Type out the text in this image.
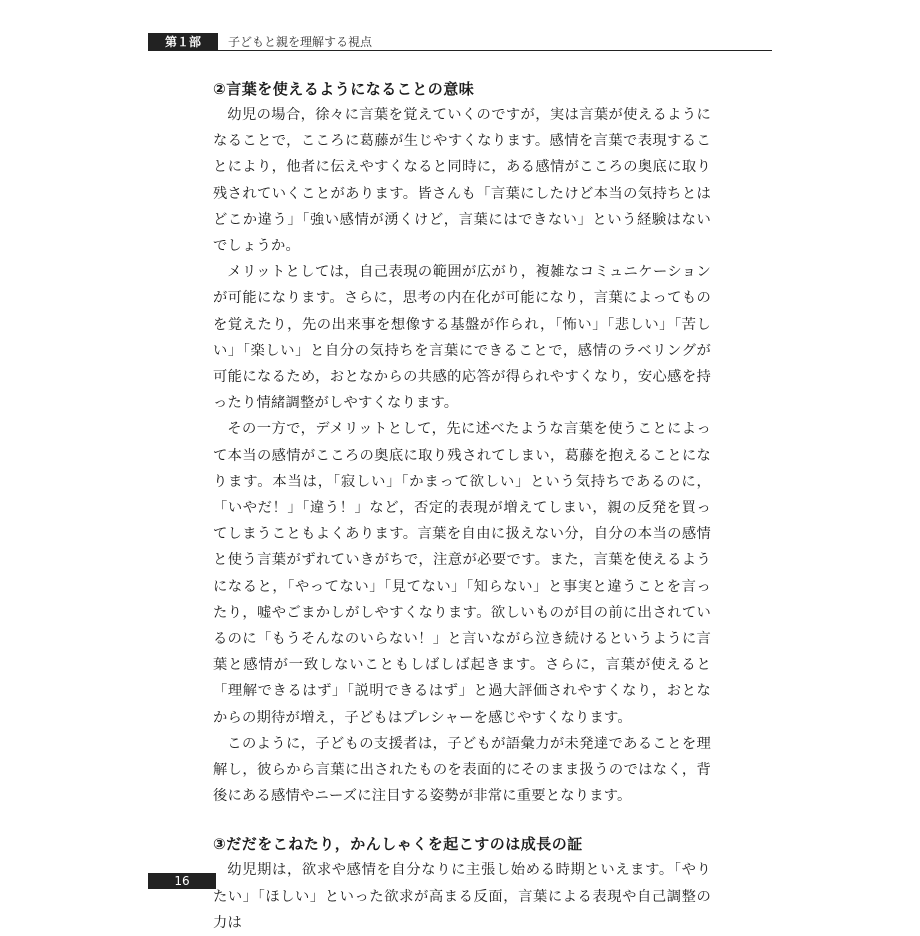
第１部	子どもと親を理解する視点
②言葉を使えるようになることの意味

幼児の場合，徐々に言葉を覚えていくのですが，実は言葉が使えるようになることで，こころに葛藤が生じやすくなります。感情を言葉で表現することにより，他者に伝えやすくなると同時に，ある感情がこころの奥底に取り残されていくことがあります。皆さんも「言葉にしたけど本当の気持ちとはどこか違う」「強い感情が湧くけど，言葉にはできない」という経験はないでしょうか。

メリットとしては，自己表現の範囲が広がり，複雑なコミュニケーションが可能になります。さらに，思考の内在化が可能になり，言葉によってものを覚えたり，先の出来事を想像する基盤が作られ，「怖い」「悲しい」「苦しい」「楽しい」と自分の気持ちを言葉にできることで，感情のラベリングが可能になるため，おとなからの共感的応答が得られやすくなり，安心感を持ったり情緒調整がしやすくなります。

その一方で，デメリットとして，先に述べたような言葉を使うことによって本当の感情がこころの奥底に取り残されてしまい，葛藤を抱えることになります。本当は，「寂しい」「かまって欲しい」という気持ちであるのに，「いやだ！」「違う！」など，否定的表現が増えてしまい，親の反発を買ってしまうこともよくあります。言葉を自由に扱えない分，自分の本当の感情と使う言葉がずれていきがちで，注意が必要です。また，言葉を使えるようになると，「やってない」「見てない」「知らない」と事実と違うことを言ったり，嘘やごまかしがしやすくなります。欲しいものが目の前に出されているのに「もうそんなのいらない！」と言いながら泣き続けるというように言葉と感情が一致しないこともしばしば起きます。さらに，言葉が使えると「理解できるはず」「説明できるはず」と過大評価されやすくなり，おとなからの期待が増え，子どもはプレシャーを感じやすくなります。

このように，子どもの支援者は，子どもが語彙力が未発達であることを理解し，彼らから言葉に出されたものを表面的にそのまま扱うのではなく，背後にある感情やニーズに注目する姿勢が非常に重要となります。

③だだをこねたり，かんしゃくを起こすのは成長の証

幼児期は，欲求や感情を自分なりに主張し始める時期といえます。「やりたい」「ほしい」といった欲求が高まる反面，言葉による表現や自己調整の力は

16
